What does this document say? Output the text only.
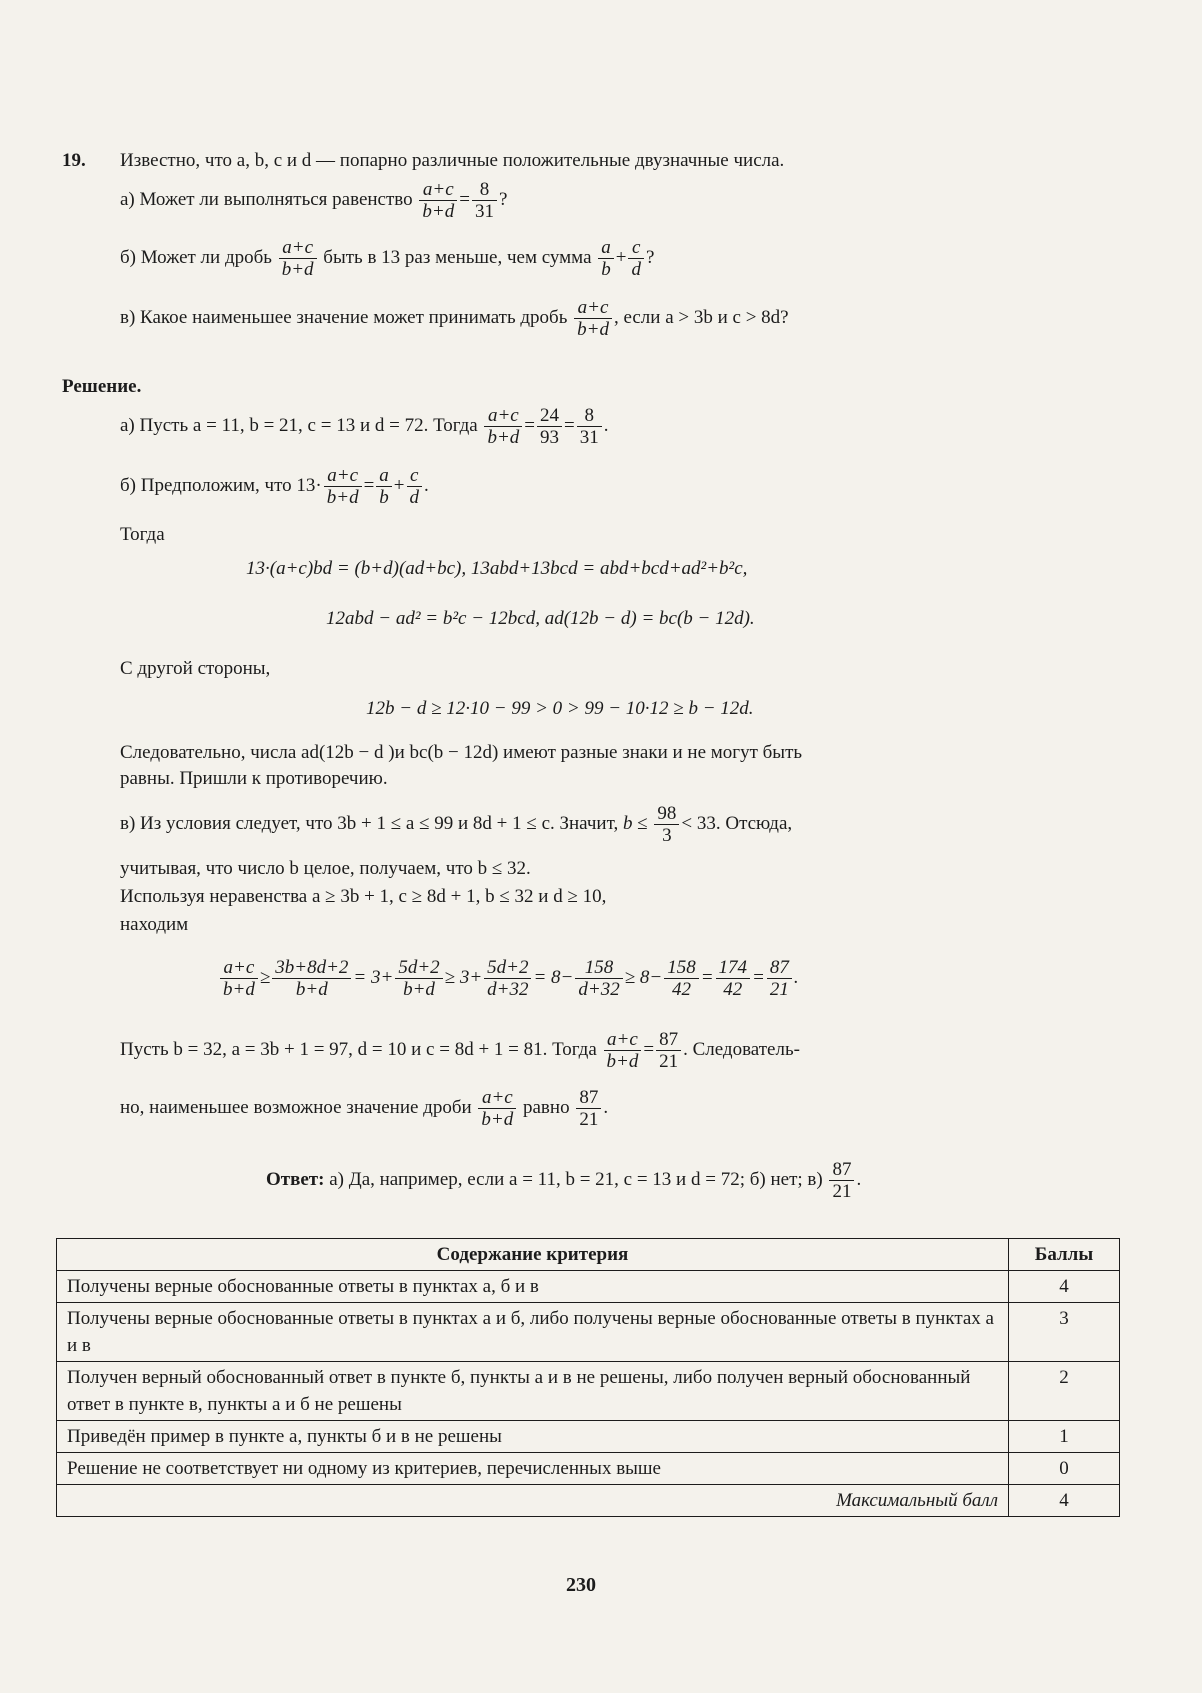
19. Известно, что a, b, c и d — попарно различные положительные двузначные числа.
а) Может ли выполняться равенство $\frac{a+c}{b+d} = \frac{8}{31}$ ?
б) Может ли дробь $\frac{a+c}{b+d}$ быть в 13 раз меньше, чем сумма $\frac{a}{b} + \frac{c}{d}$ ?
в) Какое наименьшее значение может принимать дробь $\frac{a+c}{b+d}$ , если a > 3b и c > 8d?
Решение.
а) Пусть a = 11, b = 21, c = 13 и d = 72. Тогда $\frac{a+c}{b+d} = \frac{24}{93} = \frac{8}{31}$ .
б) Предположим, что $13\cdot \frac{a+c}{b+d} = \frac{a}{b} + \frac{c}{d}$ .
Тогда
13·(a+c)bd = (b+d)(ad+bc), 13abd+13bcd = abd+bcd+ad²+b²c,
12abd − ad² = b²c − 12bcd, ad(12b − d) = bc(b − 12d).
С другой стороны,
12b − d ≥ 12·10 − 99 > 0 > 99 − 10·12 ≥ b − 12d.
Следовательно, числа ad(12b − d )и bc(b − 12d) имеют разные знаки и не могут быть
равны. Пришли к противоречию.
в) Из условия следует, что 3b + 1 ≤ a ≤ 99 и 8d + 1 ≤ c. Значит, $b \le \frac{98}{3} < 33$. Отсюда,
учитывая, что число b целое, получаем, что b ≤ 32.
Используя неравенства a ≥ 3b + 1, c ≥ 8d + 1, b ≤ 32 и d ≥ 10,
находим
$\frac{a+c}{b+d} \ge \frac{3b+8d+2}{b+d} = 3+ \frac{5d+2}{b+d} \ge 3+ \frac{5d+2}{d+32} = 8- \frac{158}{d+32} \ge 8- \frac{158}{42} = \frac{174}{42} = \frac{87}{21}$ .
Пусть b = 32, a = 3b + 1 = 97, d = 10 и c = 8d + 1 = 81. Тогда $\frac{a+c}{b+d} = \frac{87}{21}$ . Следователь-
но, наименьшее возможное значение дроби $\frac{a+c}{b+d}$ равно $\frac{87}{21}$ .
Ответ: а) Да, например, если a = 11, b = 21, c = 13 и d = 72; б) нет; $в) \frac{87}{21}$ .
Содержание критерия	Баллы
Получены верные обоснованные ответы в пунктах а, б и в	4
Получены верные обоснованные ответы в пунктах а и б, либо получены верные обоснованные ответы в пунктах а и в	3
Получен верный обоснованный ответ в пункте б, пункты а и в не решены, либо получен верный обоснованный ответ в пункте в, пункты а и б не решены	2
Приведён пример в пункте а, пункты б и в не решены	1
Решение не соответствует ни одному из критериев, перечисленных выше	0
Максимальный балл	4
230
